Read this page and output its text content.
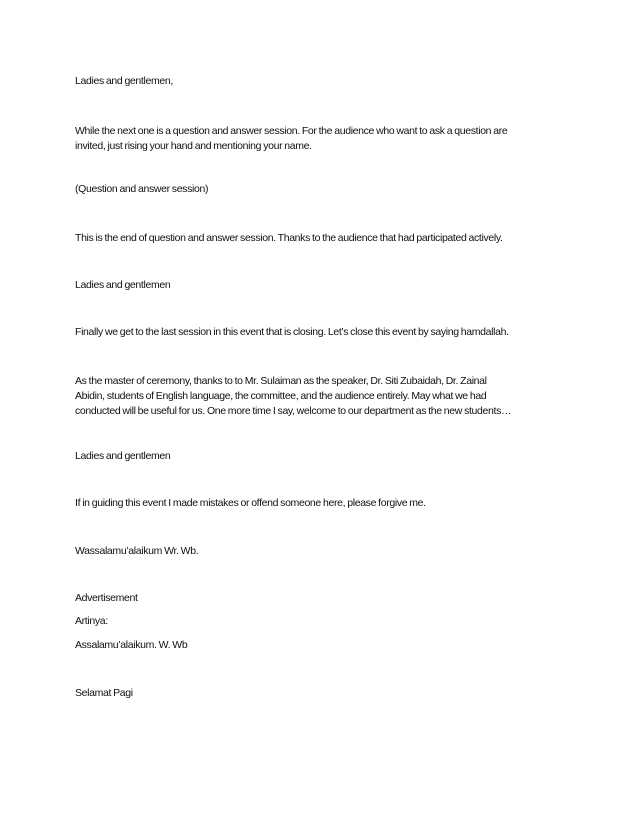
Ladies and gentlemen,

While the next one is a question and answer session. For the audience who want to ask a question are
invited, just rising your hand and mentioning your name.

(Question and answer session)

This is the end of question and answer session. Thanks to the audience that had participated actively.

Ladies and gentlemen

Finally we get to the last session in this event that is closing. Let’s close this event by saying hamdallah.

As the master of ceremony, thanks to to Mr. Sulaiman as the speaker, Dr. Siti Zubaidah, Dr. Zainal
Abidin, students of English language, the committee, and the audience entirely. May what we had
conducted will be useful for us. One more time I say, welcome to our department as the new students…

Ladies and gentlemen

If in guiding this event I made mistakes or offend someone here, please forgive me.

Wassalamu’alaikum Wr. Wb.

Advertisement

Artinya:

Assalamu’alaikum. W. Wb

Selamat Pagi
